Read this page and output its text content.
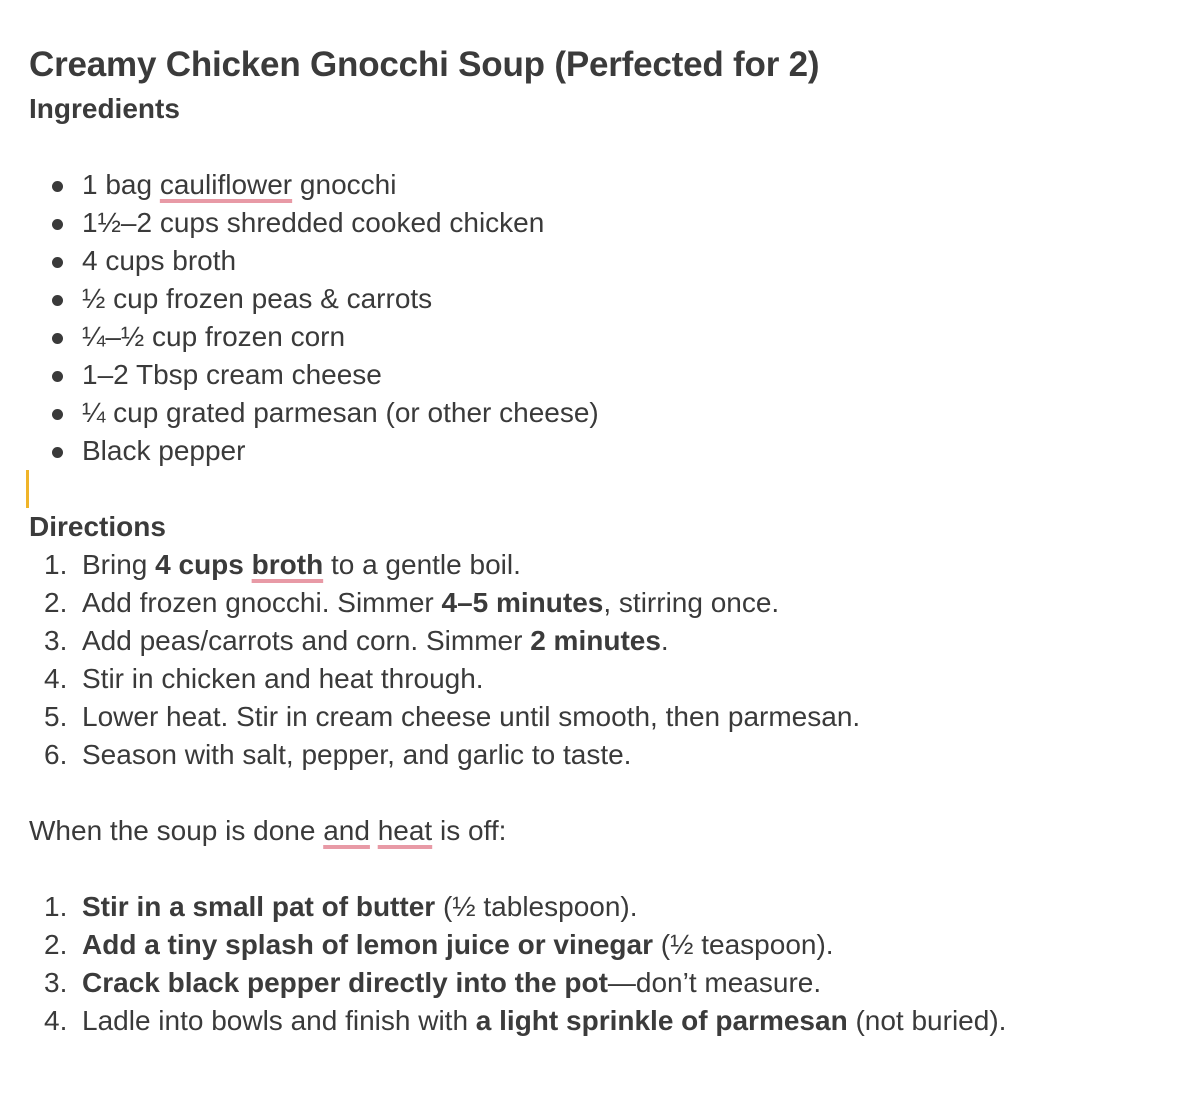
Creamy Chicken Gnocchi Soup (Perfected for 2)
Ingredients
1 bag cauliflower gnocchi
1½–2 cups shredded cooked chicken
4 cups broth
½ cup frozen peas & carrots
¼–½ cup frozen corn
1–2 Tbsp cream cheese
¼ cup grated parmesan (or other cheese)
Black pepper
Directions
1. Bring 4 cups broth to a gentle boil.
2. Add frozen gnocchi. Simmer 4–5 minutes, stirring once.
3. Add peas/carrots and corn. Simmer 2 minutes.
4. Stir in chicken and heat through.
5. Lower heat. Stir in cream cheese until smooth, then parmesan.
6. Season with salt, pepper, and garlic to taste.
When the soup is done and heat is off:
1. Stir in a small pat of butter (½ tablespoon).
2. Add a tiny splash of lemon juice or vinegar (½ teaspoon).
3. Crack black pepper directly into the pot—don’t measure.
4. Ladle into bowls and finish with a light sprinkle of parmesan (not buried).
